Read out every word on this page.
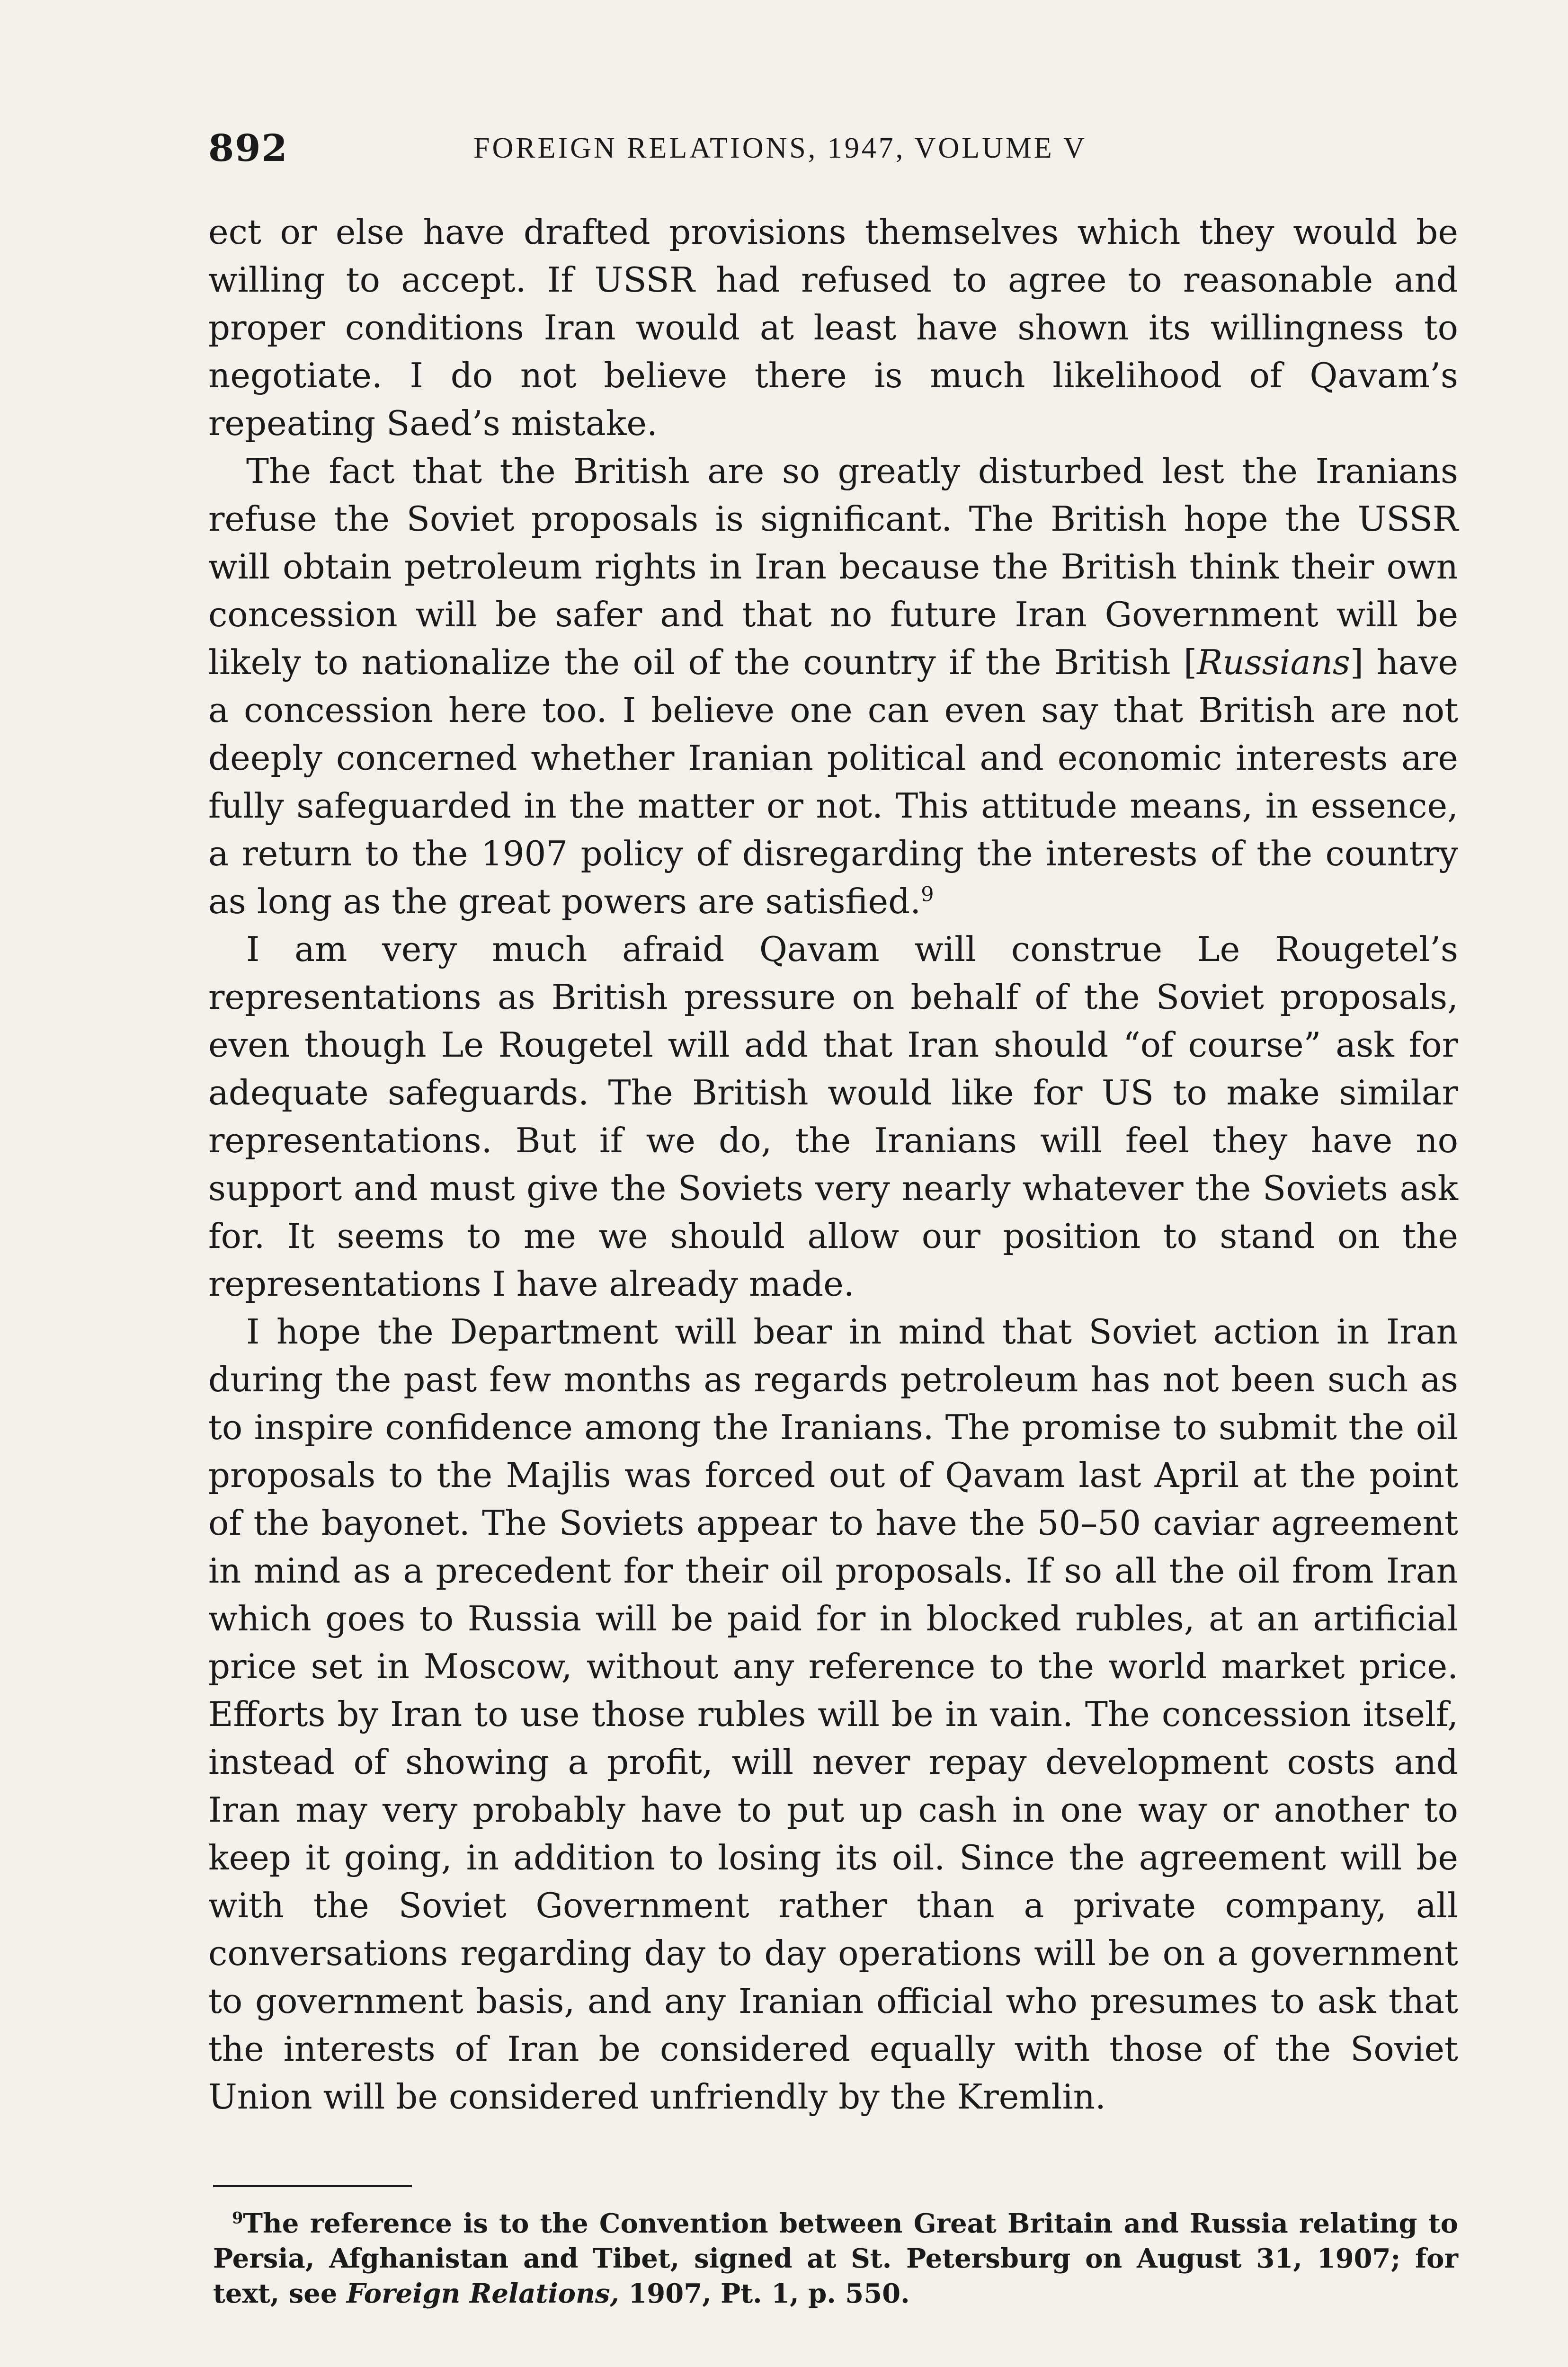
892	FOREIGN RELATIONS, 1947, VOLUME V

ect or else have drafted provisions themselves which they would be willing to accept. If USSR had refused to agree to reasonable and proper conditions Iran would at least have shown its willingness to negotiate. I do not believe there is much likelihood of Qavam’s repeating Saed’s mistake.

The fact that the British are so greatly disturbed lest the Iranians refuse the Soviet proposals is significant. The British hope the USSR will obtain petroleum rights in Iran because the British think their own concession will be safer and that no future Iran Government will be likely to nationalize the oil of the country if the British [Russians] have a concession here too. I believe one can even say that British are not deeply concerned whether Iranian political and economic interests are fully safeguarded in the matter or not. This attitude means, in essence, a return to the 1907 policy of disregarding the interests of the country as long as the great powers are satisfied.$^9$

I am very much afraid Qavam will construe Le Rougetel’s representations as British pressure on behalf of the Soviet proposals, even though Le Rougetel will add that Iran should “of course” ask for adequate safeguards. The British would like for US to make similar representations. But if we do, the Iranians will feel they have no support and must give the Soviets very nearly whatever the Soviets ask for. It seems to me we should allow our position to stand on the representations I have already made.

I hope the Department will bear in mind that Soviet action in Iran during the past few months as regards petroleum has not been such as to inspire confidence among the Iranians. The promise to submit the oil proposals to the Majlis was forced out of Qavam last April at the point of the bayonet. The Soviets appear to have the 50–50 caviar agreement in mind as a precedent for their oil proposals. If so all the oil from Iran which goes to Russia will be paid for in blocked rubles, at an artificial price set in Moscow, without any reference to the world market price. Efforts by Iran to use those rubles will be in vain. The concession itself, instead of showing a profit, will never repay development costs and Iran may very probably have to put up cash in one way or another to keep it going, in addition to losing its oil. Since the agreement will be with the Soviet Government rather than a private company, all conversations regarding day to day operations will be on a government to government basis, and any Iranian official who presumes to ask that the interests of Iran be considered equally with those of the Soviet Union will be considered unfriendly by the Kremlin.

$^9$The reference is to the Convention between Great Britain and Russia relating to Persia, Afghanistan and Tibet, signed at St. Petersburg on August 31, 1907; for text, see Foreign Relations, 1907, Pt. 1, p. 550.
